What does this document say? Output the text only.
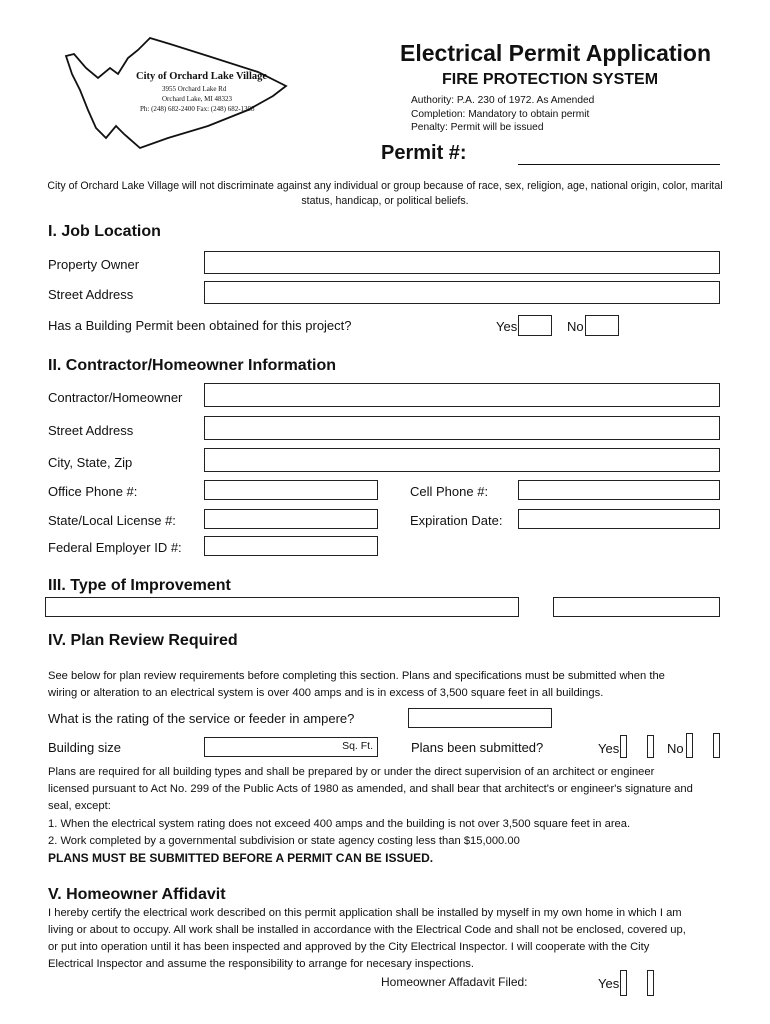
City of Orchard Lake Village
3955 Orchard Lake Rd
Orchard Lake, MI 48323
Ph: (248) 682-2400 Fax: (248) 682-1308
Electrical Permit Application
FIRE PROTECTION SYSTEM
Authority: P.A. 230 of 1972. As Amended
Completion: Mandatory to obtain permit
Penalty: Permit will be issued
Permit #:
City of Orchard Lake Village will not discriminate against any individual or group because of race, sex, religion, age, national origin, color, marital
status, handicap, or political beliefs.
I. Job Location
Property Owner
Street Address
Has a Building Permit been obtained for this project?	Yes	No
II. Contractor/Homeowner Information
Contractor/Homeowner
Street Address
City, State, Zip
Office Phone #:	Cell Phone #:
State/Local License #:	Expiration Date:
Federal Employer ID #:
III. Type of Improvement
IV. Plan Review Required
See below for plan review requirements before completing this section. Plans and specifications must be submitted when the
wiring or alteration to an electrical system is over 400 amps and is in excess of 3,500 square feet in all buildings.
What is the rating of the service or feeder in ampere?
Building size	Sq. Ft.	Plans been submitted?	Yes	No
Plans are required for all building types and shall be prepared by or under the direct supervision of an architect or engineer
licensed pursuant to Act No. 299 of the Public Acts of 1980 as amended, and shall bear that architect's or engineer's signature and
seal, except:
1. When the electrical system rating does not exceed 400 amps and the building is not over 3,500 square feet in area.
2. Work completed by a governmental subdivision or state agency costing less than $15,000.00
PLANS MUST BE SUBMITTED BEFORE A PERMIT CAN BE ISSUED.
V. Homeowner Affidavit
I hereby certify the electrical work described on this permit application shall be installed by myself in my own home in which I am
living or about to occupy. All work shall be installed in accordance with the Electrical Code and shall not be enclosed, covered up,
or put into operation until it has been inspected and approved by the City Electrical Inspector. I will cooperate with the City
Electrical Inspector and assume the responsibility to arrange for necesary inspections.
Homeowner Affadavit Filed:	Yes
